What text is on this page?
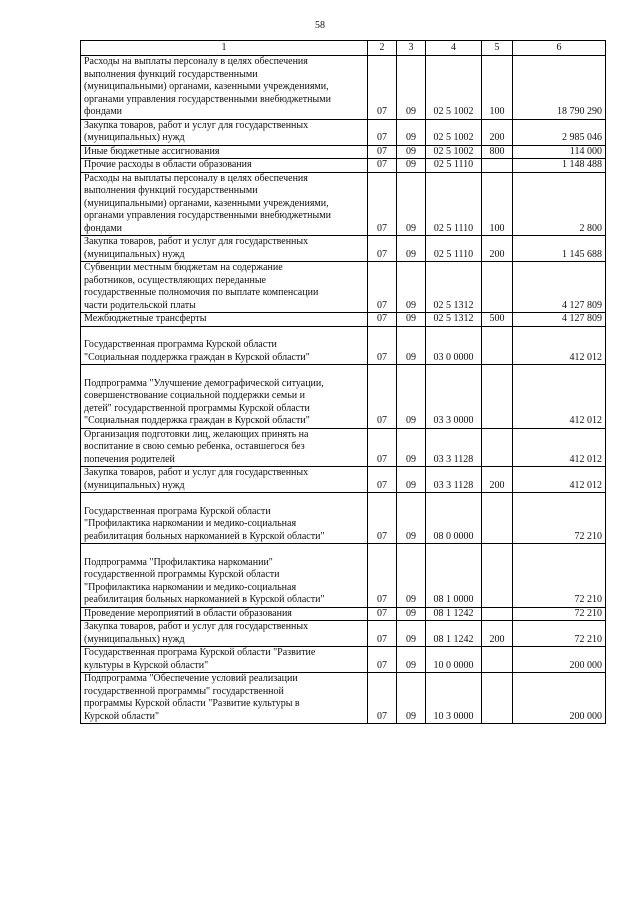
58
1	2	3	4	5	6
Расходы на выплаты персоналу в целях обеспечения
выполнения функций государственными
(муниципальными) органами, казенными учреждениями,
органами управления государственными внебюджетными
фондами	07	09	02 5 1002	100	18 790 290
Закупка товаров, работ и услуг для государственных
(муниципальных) нужд	07	09	02 5 1002	200	2 985 046
Иные бюджетные ассигнования	07	09	02 5 1002	800	114 000
Прочие расходы в области образования	07	09	02 5 1110		1 148 488
Расходы на выплаты персоналу в целях обеспечения
выполнения функций государственными
(муниципальными) органами, казенными учреждениями,
органами управления государственными внебюджетными
фондами	07	09	02 5 1110	100	2 800
Закупка товаров, работ и услуг для государственных
(муниципальных) нужд	07	09	02 5 1110	200	1 145 688
Субвенции местным бюджетам на содержание
работников, осуществляющих переданные
государственные полномочия по выплате компенсации
части родительской платы	07	09	02 5 1312		4 127 809
Межбюджетные трансферты	07	09	02 5 1312	500	4 127 809

Государственная программа Курской области
"Социальная поддержка граждан в Курской области"	07	09	03 0 0000		412 012

Подпрограмма "Улучшение демографической ситуации,
совершенствование социальной поддержки семьи и
детей" государственной программы Курской области
"Социальная поддержка граждан в Курской области"	07	09	03 3 0000		412 012
Организация подготовки лиц, желающих принять на
воспитание в свою семью ребенка, оставшегося без
попечения родителей	07	09	03 3 1128		412 012
Закупка товаров, работ и услуг для государственных
(муниципальных) нужд	07	09	03 3 1128	200	412 012

Государственная програма Курской области
"Профилактика наркомании и медико-социальная
реабилитация больных наркоманией в Курской области"	07	09	08 0 0000		72 210

Подпрограмма "Профилактика наркомании"
государственной программы Курской области
"Профилактика наркомании и медико-социальная
реабилитация больных наркоманией в Курской области"	07	09	08 1 0000		72 210
Проведение мероприятий в области образования	07	09	08 1 1242		72 210
Закупка товаров, работ и услуг для государственных
(муниципальных) нужд	07	09	08 1 1242	200	72 210
Государственная програма Курской области "Развитие
культуры в Курской области"	07	09	10 0 0000		200 000
Подпрограмма "Обеспечение условий реализации
государственной программы" государственной
программы Курской области "Развитие культуры в
Курской области"	07	09	10 3 0000		200 000
